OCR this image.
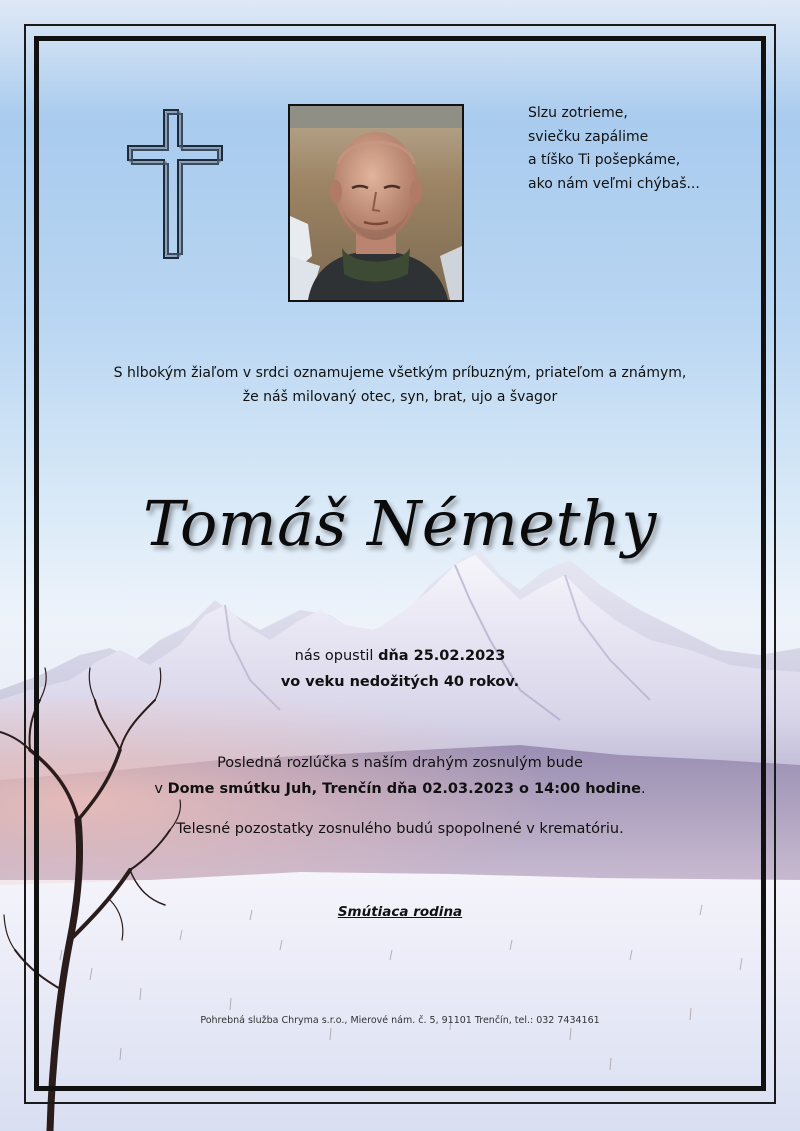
Slzu zotrieme,
sviečku zapálime
a tíško Ti pošepkáme,
ako nám veľmi chýbaš...
S hlbokým žiaľom v srdci oznamujeme všetkým príbuzným, priateľom a známym,
že náš milovaný otec, syn, brat, ujo a švagor
Tomáš Némethy
nás opustil dňa 25.02.2023
vo veku nedožitých 40 rokov.
Posledná rozlúčka s naším drahým zosnulým bude
v Dome smútku Juh, Trenčín dňa 02.03.2023 o 14:00 hodine.
Telesné pozostatky zosnulého budú spopolnené v krematóriu.
Smútiaca rodina
Pohrebná služba Chryma s.r.o., Mierové nám. č. 5, 91101 Trenčín, tel.: 032 7434161
